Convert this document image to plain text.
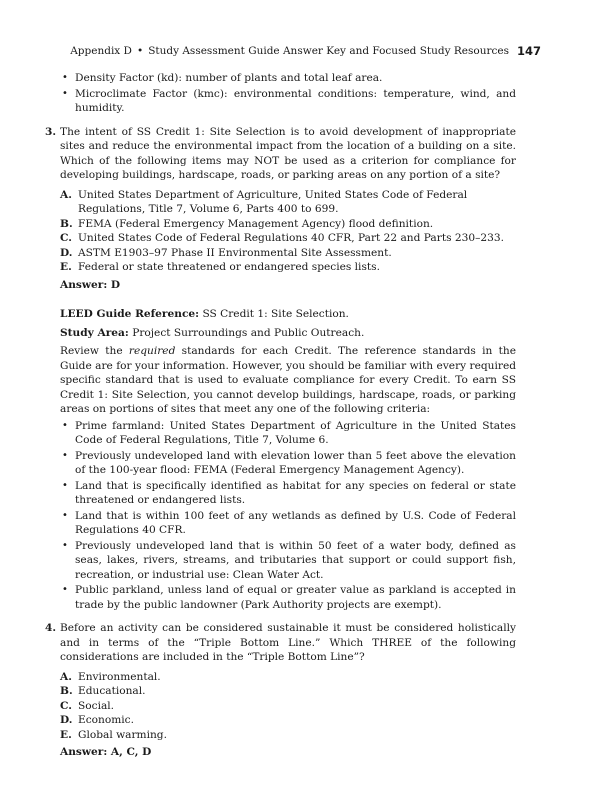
Appendix D • Study Assessment Guide Answer Key and Focused Study Resources 147
• Density Factor (kd): number of plants and total leaf area.
• Microclimate Factor (kmc): environmental conditions: temperature, wind, and humidity.
3. The intent of SS Credit 1: Site Selection is to avoid development of inappropriate sites and reduce the environmental impact from the location of a building on a site. Which of the following items may NOT be used as a criterion for compliance for developing buildings, hardscape, roads, or parking areas on any portion of a site?
A. United States Department of Agriculture, United States Code of Federal Regulations, Title 7, Volume 6, Parts 400 to 699.
B. FEMA (Federal Emergency Management Agency) flood definition.
C. United States Code of Federal Regulations 40 CFR, Part 22 and Parts 230–233.
D. ASTM E1903–97 Phase II Environmental Site Assessment.
E. Federal or state threatened or endangered species lists.
Answer: D
LEED Guide Reference: SS Credit 1: Site Selection.
Study Area: Project Surroundings and Public Outreach.
Review the required standards for each Credit. The reference standards in the Guide are for your information. However, you should be familiar with every required specific standard that is used to evaluate compliance for every Credit. To earn SS Credit 1: Site Selection, you cannot develop buildings, hardscape, roads, or parking areas on portions of sites that meet any one of the following criteria:
• Prime farmland: United States Department of Agriculture in the United States Code of Federal Regulations, Title 7, Volume 6.
• Previously undeveloped land with elevation lower than 5 feet above the elevation of the 100-year flood: FEMA (Federal Emergency Management Agency).
• Land that is specifically identified as habitat for any species on federal or state threatened or endangered lists.
• Land that is within 100 feet of any wetlands as defined by U.S. Code of Federal Regulations 40 CFR.
• Previously undeveloped land that is within 50 feet of a water body, defined as seas, lakes, rivers, streams, and tributaries that support or could support fish, recreation, or industrial use: Clean Water Act.
• Public parkland, unless land of equal or greater value as parkland is accepted in trade by the public landowner (Park Authority projects are exempt).
4. Before an activity can be considered sustainable it must be considered holistically and in terms of the “Triple Bottom Line.” Which THREE of the following considerations are included in the “Triple Bottom Line”?
A. Environmental.
B. Educational.
C. Social.
D. Economic.
E. Global warming.
Answer: A, C, D
